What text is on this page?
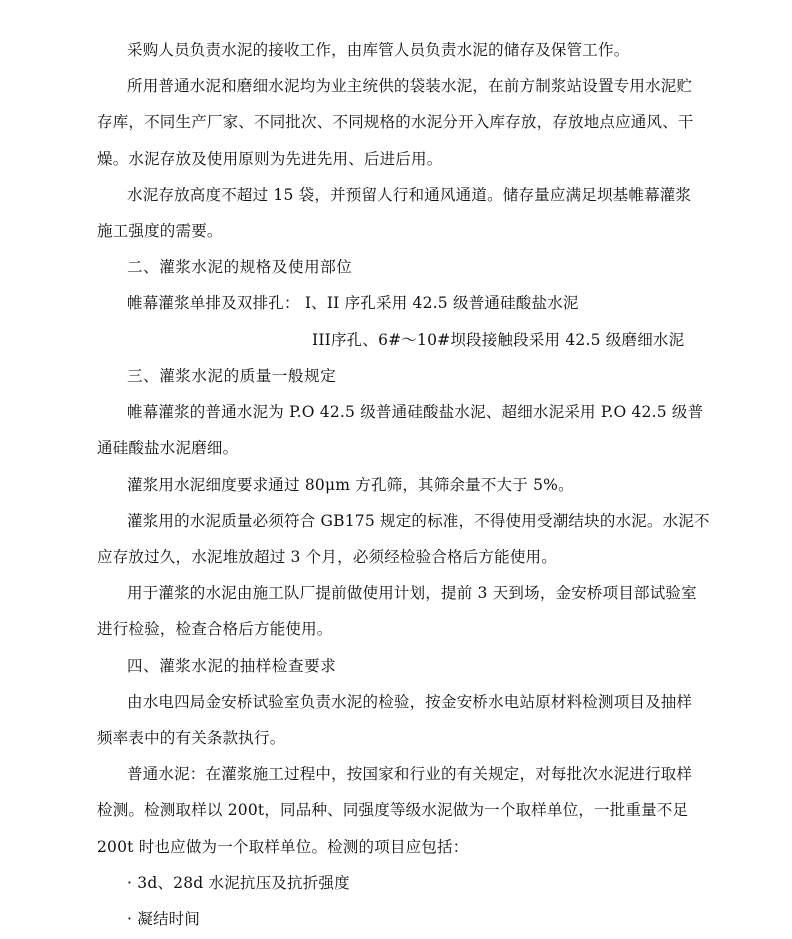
采购人员负责水泥的接收工作，由库管人员负责水泥的储存及保管工作。
所用普通水泥和磨细水泥均为业主统供的袋装水泥，在前方制浆站设置专用水泥贮
存库，不同生产厂家、不同批次、不同规格的水泥分开入库存放，存放地点应通风、干
燥。水泥存放及使用原则为先进先用、后进后用。
水泥存放高度不超过 15 袋，并预留人行和通风通道。储存量应满足坝基帷幕灌浆
施工强度的需要。
二、灌浆水泥的规格及使用部位
帷幕灌浆单排及双排孔： I、II 序孔采用 42.5 级普通硅酸盐水泥
III序孔、6#～10#坝段接触段采用 42.5 级磨细水泥
三、灌浆水泥的质量一般规定
帷幕灌浆的普通水泥为 P.O 42.5 级普通硅酸盐水泥、超细水泥采用 P.O 42.5 级普
通硅酸盐水泥磨细。
灌浆用水泥细度要求通过 80μm 方孔筛，其筛余量不大于 5%。
灌浆用的水泥质量必须符合 GB175 规定的标准，不得使用受潮结块的水泥。水泥不
应存放过久，水泥堆放超过 3 个月，必须经检验合格后方能使用。
用于灌浆的水泥由施工队厂提前做使用计划，提前 3 天到场，金安桥项目部试验室
进行检验，检查合格后方能使用。
四、灌浆水泥的抽样检查要求
由水电四局金安桥试验室负责水泥的检验，按金安桥水电站原材料检测项目及抽样
频率表中的有关条款执行。
普通水泥：在灌浆施工过程中，按国家和行业的有关规定，对每批次水泥进行取样
检测。检测取样以 200t，同品种、同强度等级水泥做为一个取样单位，一批重量不足
200t 时也应做为一个取样单位。检测的项目应包括：
· 3d、28d 水泥抗压及抗折强度
· 凝结时间
